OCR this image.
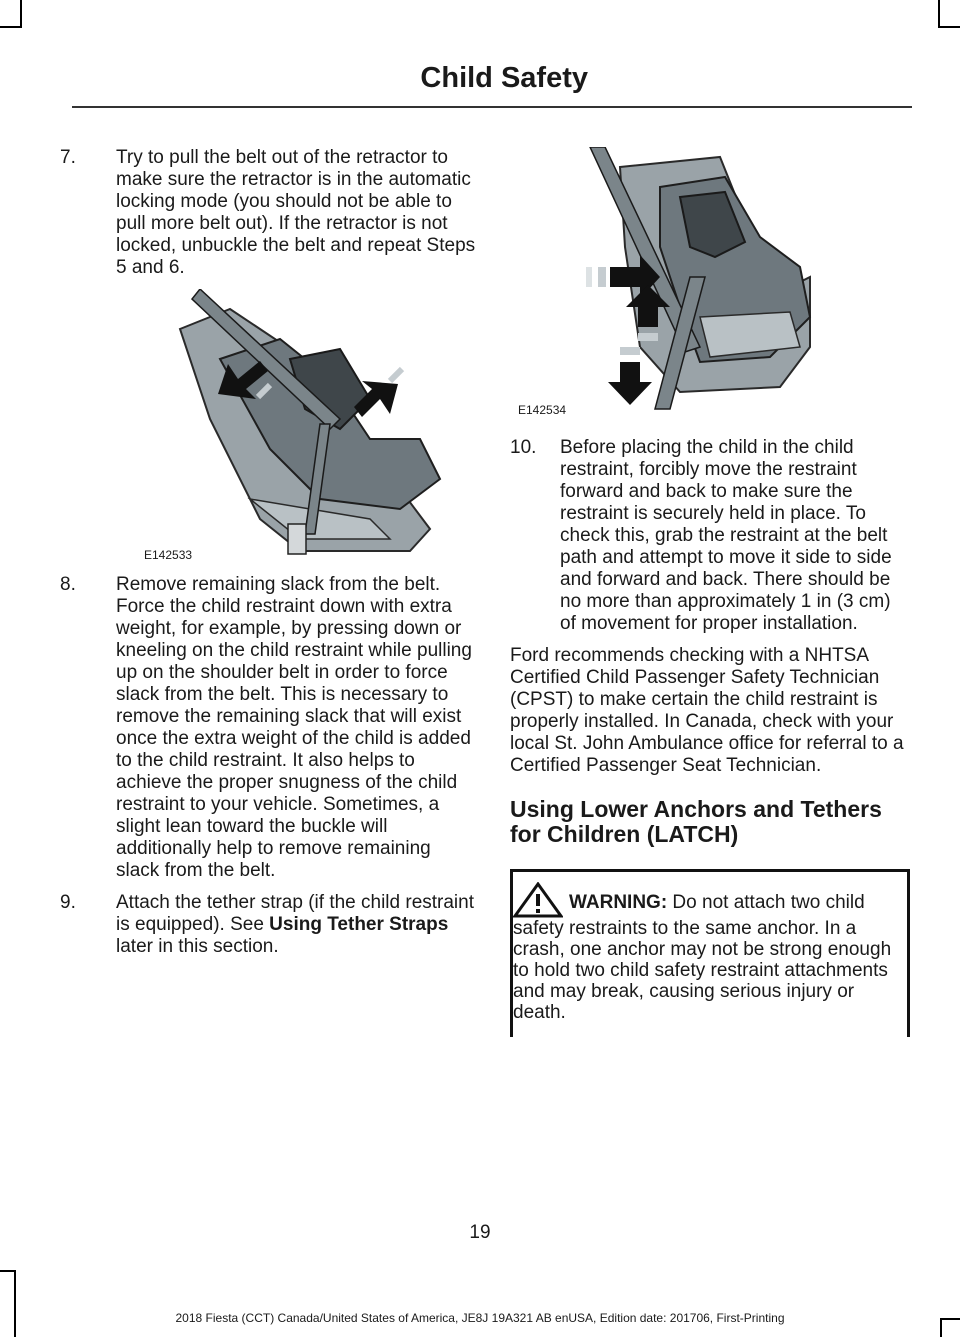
Child Safety
7.	Try to pull the belt out of the retractor to make sure the retractor is in the automatic locking mode (you should not be able to pull more belt out). If the retractor is not locked, unbuckle the belt and repeat Steps 5 and 6.
E142533
8.	Remove remaining slack from the belt. Force the child restraint down with extra weight, for example, by pressing down or kneeling on the child restraint while pulling up on the shoulder belt in order to force slack from the belt. This is necessary to remove the remaining slack that will exist once the extra weight of the child is added to the child restraint. It also helps to achieve the proper snugness of the child restraint to your vehicle. Sometimes, a slight lean toward the buckle will additionally help to remove remaining slack from the belt.
9.	Attach the tether strap (if the child restraint is equipped). See Using Tether Straps later in this section.
E142534
10.	Before placing the child in the child restraint, forcibly move the restraint forward and back to make sure the restraint is securely held in place. To check this, grab the restraint at the belt path and attempt to move it side to side and forward and back. There should be no more than approximately 1 in (3 cm) of movement for proper installation.

Ford recommends checking with a NHTSA Certified Child Passenger Safety Technician (CPST) to make certain the child restraint is properly installed. In Canada, check with your local St. John Ambulance office for referral to a Certified Passenger Seat Technician.

Using Lower Anchors and Tethers for Children (LATCH)
WARNING: Do not attach two child safety restraints to the same anchor. In a crash, one anchor may not be strong enough to hold two child safety restraint attachments and may break, causing serious injury or death.
19
2018 Fiesta (CCT) Canada/United States of America, JE8J 19A321 AB enUSA, Edition date: 201706, First-Printing
